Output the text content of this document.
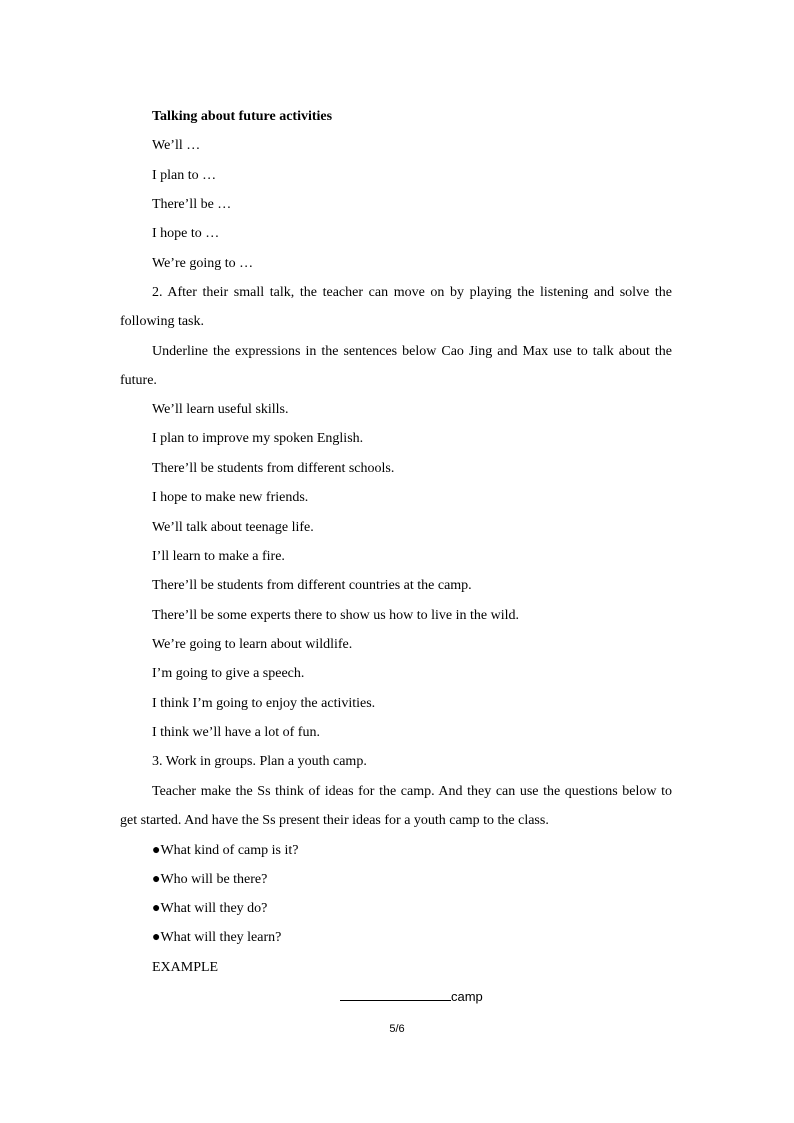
Talking about future activities
We’ll …
I plan to …
There’ll be …
I hope to …
We’re going to …
2. After their small talk, the teacher can move on by playing the listening and solve the following task.
Underline the expressions in the sentences below Cao Jing and Max use to talk about the future.
We’ll learn useful skills.
I plan to improve my spoken English.
There’ll be students from different schools.
I hope to make new friends.
We’ll talk about teenage life.
I’ll learn to make a fire.
There’ll be students from different countries at the camp.
There’ll be some experts there to show us how to live in the wild.
We’re going to learn about wildlife.
I’m going to give a speech.
I think I’m going to enjoy the activities.
I think we’ll have a lot of fun.
3. Work in groups. Plan a youth camp.
Teacher make the Ss think of ideas for the camp. And they can use the questions below to get started. And have the Ss present their ideas for a youth camp to the class.
●What kind of camp is it?
●Who will be there?
●What will they do?
●What will they learn?
EXAMPLE
camp
5/6
